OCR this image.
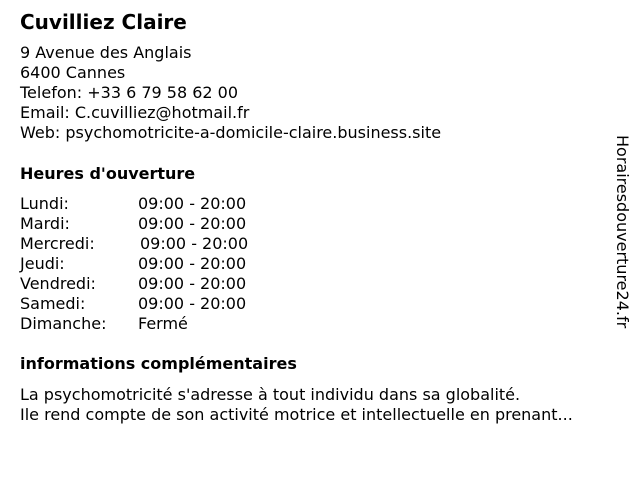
Cuvilliez Claire
9 Avenue des Anglais
6400 Cannes
Telefon: +33 6 79 58 62 00
Email: C.cuvilliez@hotmail.fr
Web: psychomotricite-a-domicile-claire.business.site
Heures d'ouverture
Lundi:	09:00 - 20:00
Mardi:	09:00 - 20:00
Mercredi:	09:00 - 20:00
Jeudi:	09:00 - 20:00
Vendredi:	09:00 - 20:00
Samedi:	09:00 - 20:00
Dimanche: Fermé
informations complémentaires
La psychomotricité s'adresse à tout individu dans sa globalité.
Ile rend compte de son activité motrice et intellectuelle en prenant...
Horairesdouverture24.fr
